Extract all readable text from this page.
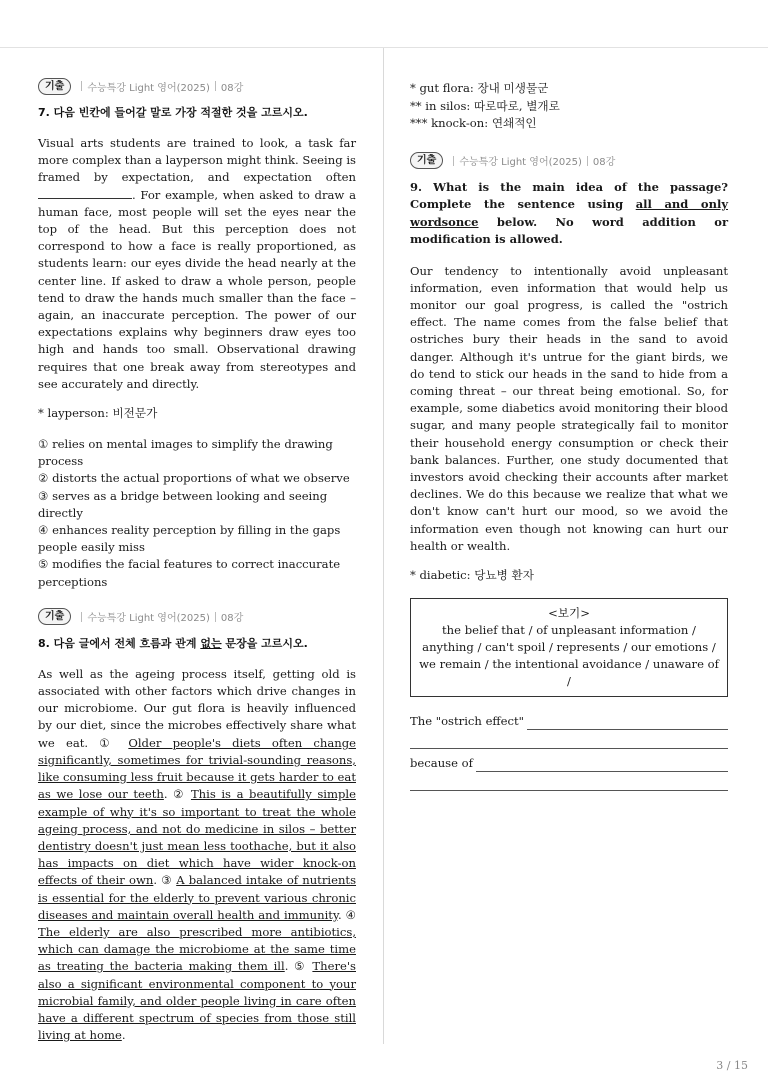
기출	수능특강 Light 영어(2025) 08강
7. 다음 빈칸에 들어갈 말로 가장 적절한 것을 고르시오.

Visual arts students are trained to look, a task far more complex than a layperson might think. Seeing is framed by expectation, and expectation often . For example, when asked to draw a human face, most people will set the eyes near the top of the head. But this perception does not correspond to how a face is really proportioned, as students learn: our eyes divide the head nearly at the center line. If asked to draw a whole person, people tend to draw the hands much smaller than the face – again, an inaccurate perception. The power of our expectations explains why beginners draw eyes too high and hands too small. Observational drawing requires that one break away from stereotypes and see accurately and directly.

* layperson: 비전문가
① relies on mental images to simplify the drawing process
② distorts the actual proportions of what we observe
③ serves as a bridge between looking and seeing directly
④ enhances reality perception by filling in the gaps people easily miss
⑤ modifies the facial features to correct inaccurate perceptions
기출	수능특강 Light 영어(2025) 08강
8. 다음 글에서 전체 흐름과 관계 없는 문장을 고르시오.

As well as the ageing process itself, getting old is associated with other factors which drive changes in our microbiome. Our gut flora is heavily influenced by our diet, since the microbes effectively share what we eat. ① Older people's diets often change significantly, sometimes for trivial-sounding reasons, like consuming less fruit because it gets harder to eat as we lose our teeth. ② This is a beautifully simple example of why it's so important to treat the whole ageing process, and not do medicine in silos – better dentistry doesn't just mean less toothache, but it also has impacts on diet which have wider knock-on effects of their own. ③ A balanced intake of nutrients is essential for the elderly to prevent various chronic diseases and maintain overall health and immunity. ④ The elderly are also prescribed more antibiotics, which can damage the microbiome at the same time as treating the bacteria making them ill. ⑤ There's also a significant environmental component to your microbial family, and older people living in care often have a different spectrum of species from those still living at home.

* gut flora: 장내 미생물군
** in silos: 따로따로, 별개로
*** knock-on: 연쇄적인
기출	수능특강 Light 영어(2025) 08강
9. What is the main idea of the passage? Complete the sentence using all and only wordsonce below. No word addition or modification is allowed.

Our tendency to intentionally avoid unpleasant information, even information that would help us monitor our goal progress, is called the "ostrich effect. The name comes from the false belief that ostriches bury their heads in the sand to avoid danger. Although it's untrue for the giant birds, we do tend to stick our heads in the sand to hide from a coming threat – our threat being emotional. So, for example, some diabetics avoid monitoring their blood sugar, and many people strategically fail to monitor their household energy consumption or check their bank balances. Further, one study documented that investors avoid checking their accounts after market declines. We do this because we realize that what we don't know can't hurt our mood, so we avoid the information even though not knowing can hurt our health or wealth.

* diabetic: 당뇨병 환자
<보기>
the belief that / of unpleasant information / anything / can't spoil / represents / our emotions / we remain / the intentional avoidance / unaware of /
The "ostrich effect"
because of
3 / 15
